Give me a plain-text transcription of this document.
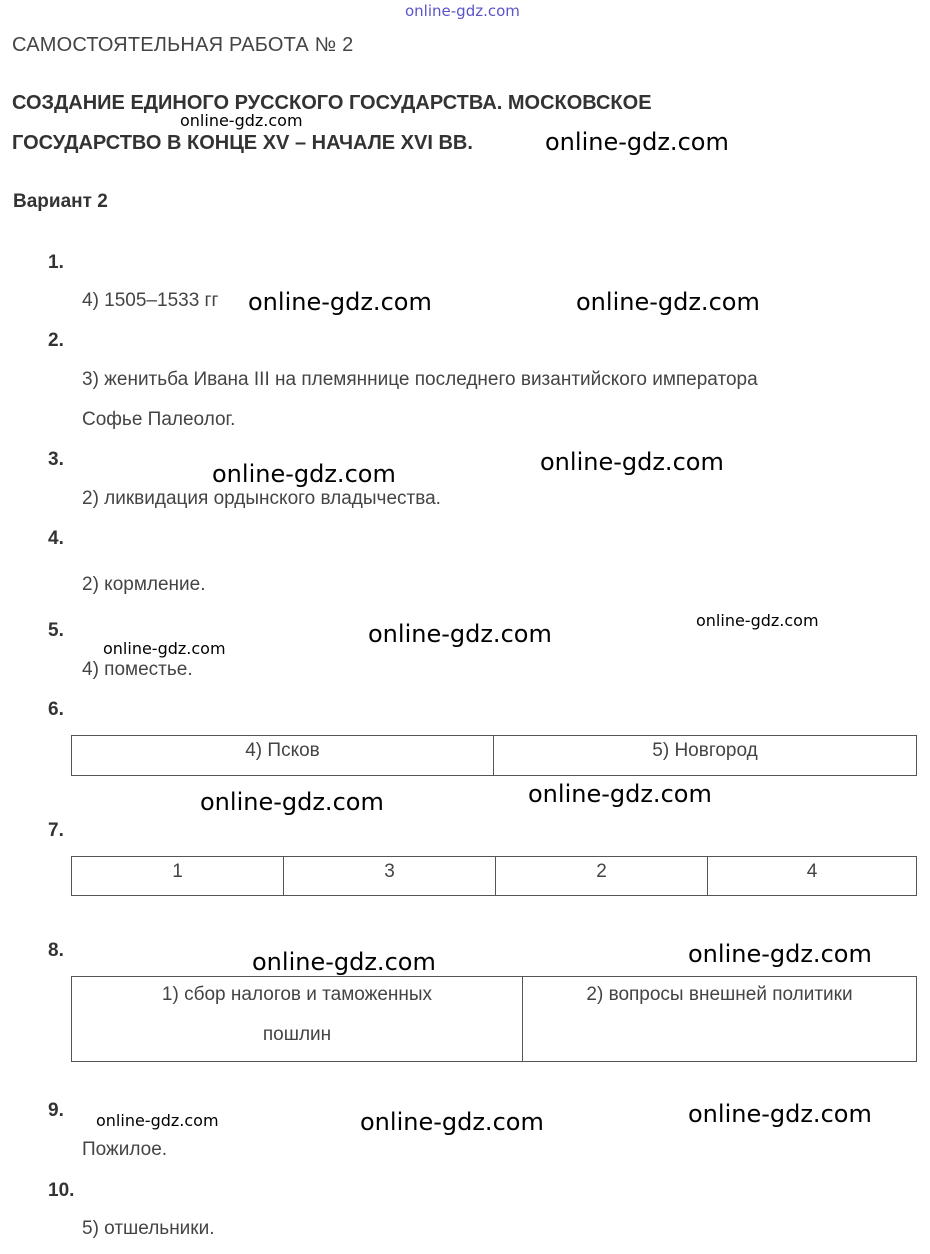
online-gdz.com
САМОСТОЯТЕЛЬНАЯ РАБОТА № 2
СОЗДАНИЕ ЕДИНОГО РУССКОГО ГОСУДАРСТВА. МОСКОВСКОЕ
ГОСУДАРСТВО В КОНЦЕ XV – НАЧАЛЕ XVI ВВ.
Вариант 2
1.
4) 1505–1533 гг
2.
3) женитьба Ивана III на племяннице последнего византийского императора
Софье Палеолог.
3.
2) ликвидация ордынского владычества.
4.
2) кормление.
5.
4) поместье.
6.
4) Псков	5) Новгород
7.
1	3	2	4
8.
1) сбор налогов и таможенных
пошлин

2) вопросы внешней политики
9.
Пожилое.
10.
5) отшельники.
online-gdz.com
online-gdz.com
online-gdz.com	online-gdz.com
online-gdz.com	online-gdz.com
online-gdz.com
online-gdz.com
online-gdz.com
online-gdz.com	online-gdz.com
online-gdz.com	online-gdz.com
online-gdz.com	online-gdz.com	online-gdz.com
